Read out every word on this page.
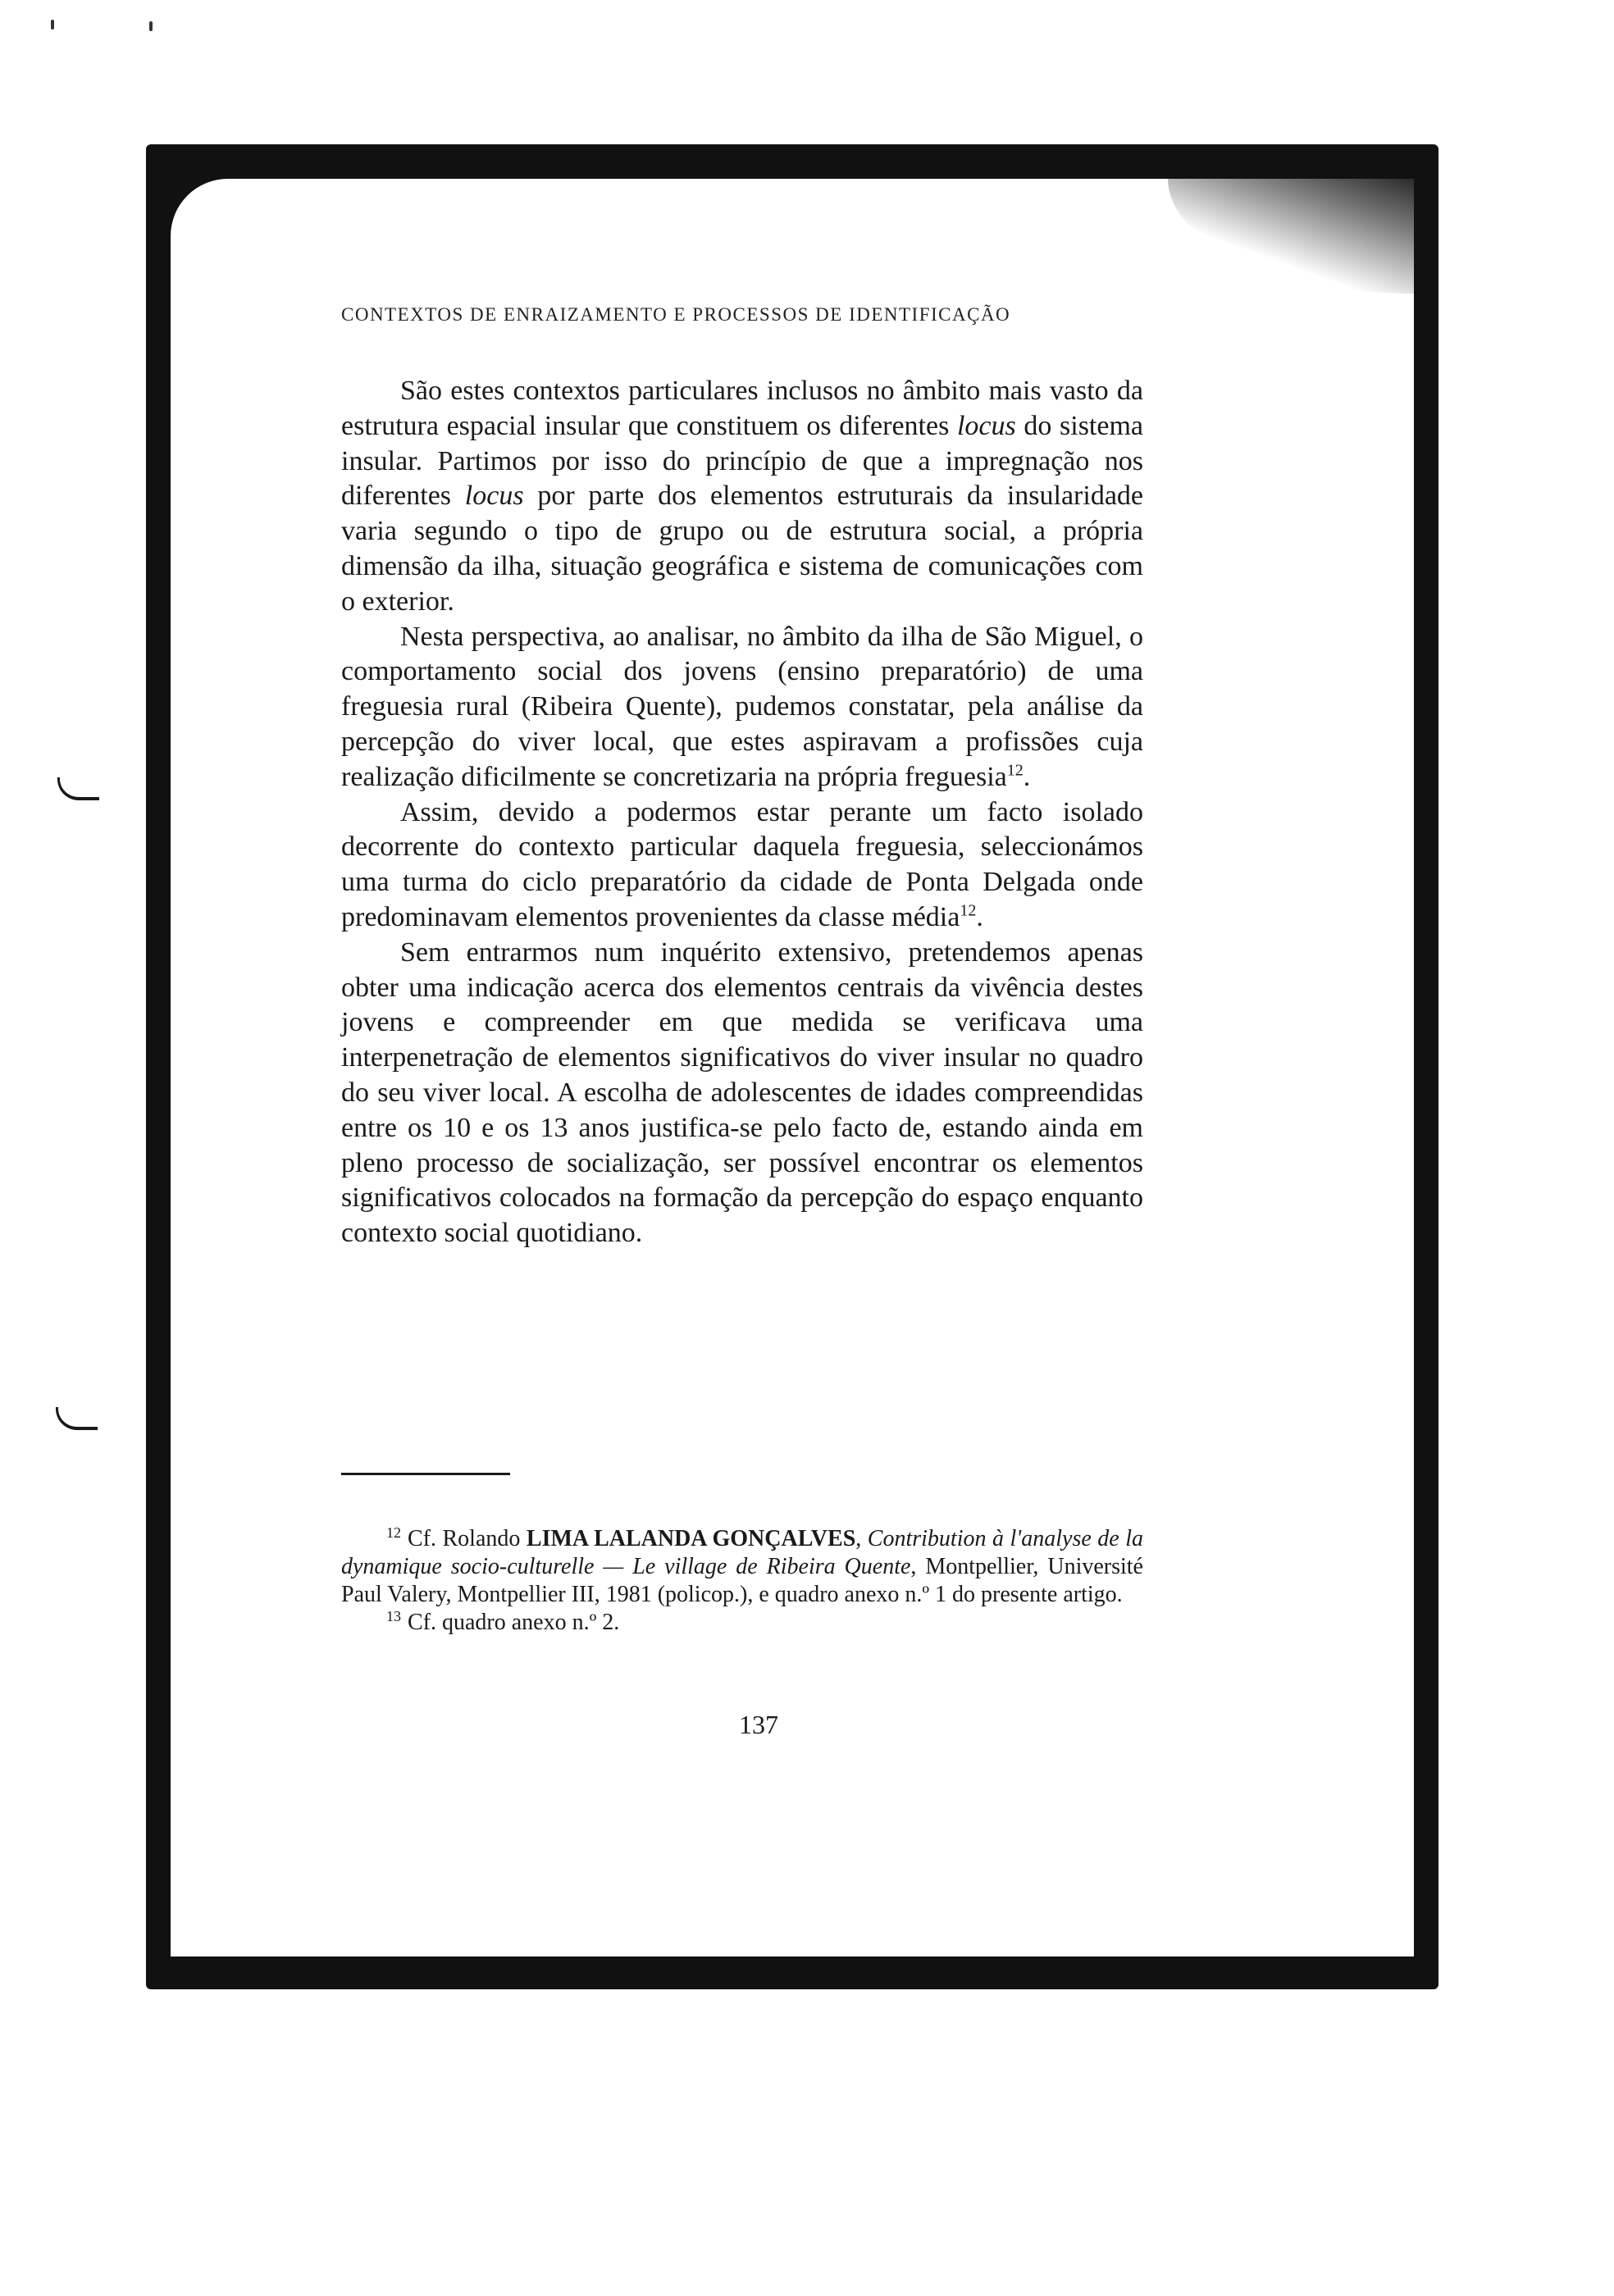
CONTEXTOS DE ENRAIZAMENTO E PROCESSOS DE IDENTIFICAÇÃO

São estes contextos particulares inclusos no âmbito mais vasto da estrutura espacial insular que constituem os diferentes locus do sistema insular. Partimos por isso do princípio de que a impregnação nos diferentes locus por parte dos elementos estruturais da insularidade varia segundo o tipo de grupo ou de estrutura social, a própria dimensão da ilha, situação geográfica e sistema de comunicações com o exterior.

Nesta perspectiva, ao analisar, no âmbito da ilha de São Miguel, o comportamento social dos jovens (ensino preparatório) de uma freguesia rural (Ribeira Quente), pudemos constatar, pela análise da percepção do viver local, que estes aspiravam a profissões cuja realização dificilmente se concretizaria na própria freguesia$^{12}$.

Assim, devido a podermos estar perante um facto isolado decorrente do contexto particular daquela freguesia, seleccionámos uma turma do ciclo preparatório da cidade de Ponta Delgada onde predominavam elementos provenientes da classe média$^{12}$.

Sem entrarmos num inquérito extensivo, pretendemos apenas obter uma indicação acerca dos elementos centrais da vivência destes jovens e compreender em que medida se verificava uma interpenetração de elementos significativos do viver insular no quadro do seu viver local. A escolha de adolescentes de idades compreendidas entre os 10 e os 13 anos justifica-se pelo facto de, estando ainda em pleno processo de socialização, ser possível encontrar os elementos significativos colocados na formação da percepção do espaço enquanto contexto social quotidiano.

$^{12}$ Cf. Rolando LIMA LALANDA GONÇALVES, Contribution à l'analyse de la dynamique socio-culturelle — Le village de Ribeira Quente, Montpellier, Université Paul Valery, Montpellier III, 1981 (policop.), e quadro anexo n.º 1 do presente artigo.

$^{13}$ Cf. quadro anexo n.º 2.

137
